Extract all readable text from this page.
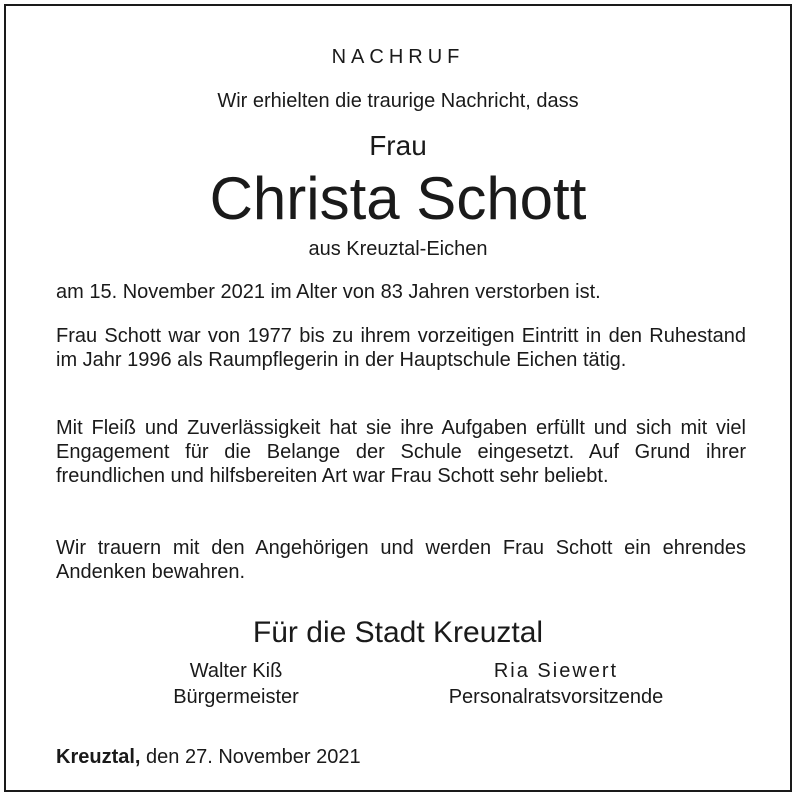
NACHRUF
Wir erhielten die traurige Nachricht, dass
Frau
Christa Schott
aus Kreuztal-Eichen
am 15. November 2021 im Alter von 83 Jahren verstorben ist.
Frau Schott war von 1977 bis zu ihrem vorzeitigen Eintritt in den Ruhestand im Jahr 1996 als Raumpflegerin in der Hauptschule Eichen tätig.
Mit Fleiß und Zuverlässigkeit hat sie ihre Aufgaben erfüllt und sich mit viel Engagement für die Belange der Schule eingesetzt. Auf Grund ihrer freundlichen und hilfsbereiten Art war Frau Schott sehr beliebt.
Wir trauern mit den Angehörigen und werden Frau Schott ein ehrendes Andenken bewahren.
Für die Stadt Kreuztal
Walter Kiß
Bürgermeister
Ria Siewert
Personalratsvorsitzende
Kreuztal, den 27. November 2021
